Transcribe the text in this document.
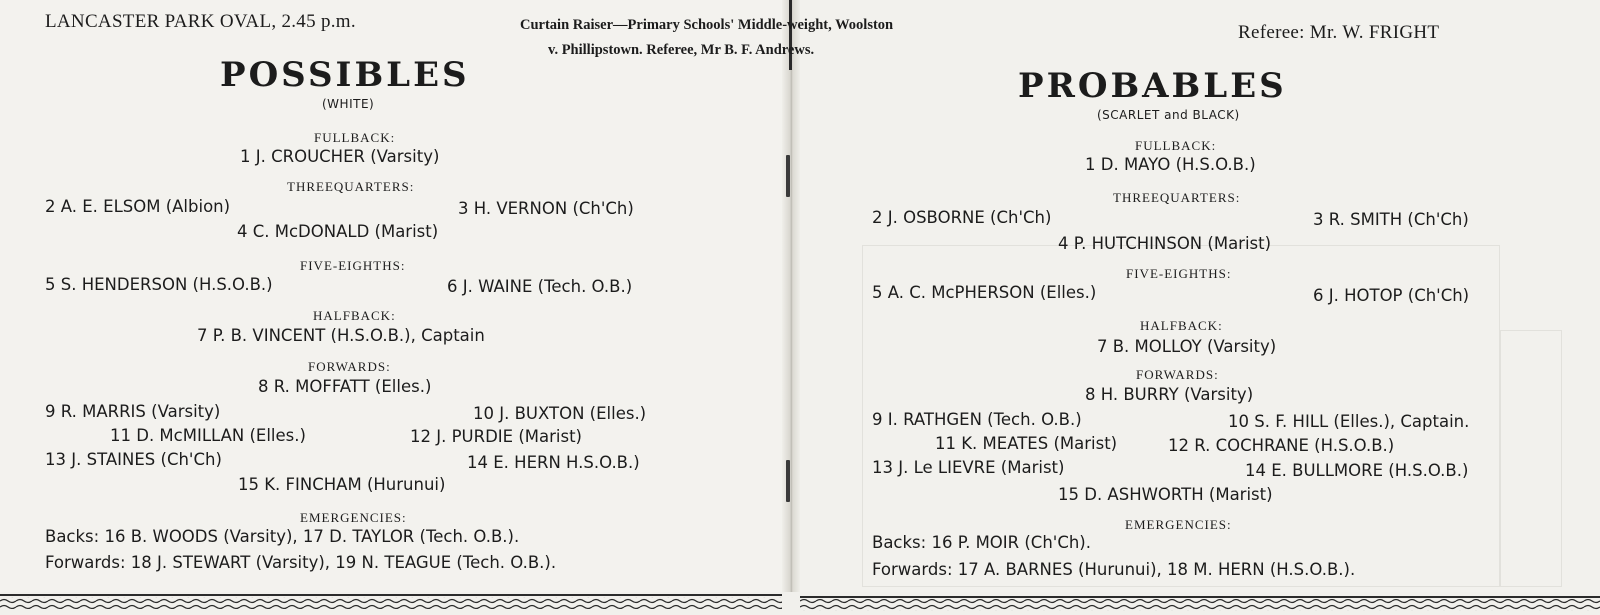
LANCASTER PARK OVAL, 2.45 p.m.	Curtain Raiser—Primary Schools' Middle-weight, Woolston
v. Phillipstown. Referee, Mr B. F. Andrews.
Referee: Mr. W. FRIGHT
POSSIBLES
(WHITE)
FULLBACK:
1 J. CROUCHER (Varsity)
THREEQUARTERS:
2 A. E. ELSOM (Albion)	3 H. VERNON (Ch'Ch)
4 C. McDONALD (Marist)
FIVE-EIGHTHS:
5 S. HENDERSON (H.S.O.B.)	6 J. WAINE (Tech. O.B.)
HALFBACK:
7 P. B. VINCENT (H.S.O.B.), Captain
FORWARDS:
8 R. MOFFATT (Elles.)
9 R. MARRIS (Varsity)	10 J. BUXTON (Elles.)
11 D. McMILLAN (Elles.)	12 J. PURDIE (Marist)
13 J. STAINES (Ch'Ch)	14 E. HERN H.S.O.B.)
15 K. FINCHAM (Hurunui)
EMERGENCIES:
Backs: 16 B. WOODS (Varsity), 17 D. TAYLOR (Tech. O.B.).
Forwards: 18 J. STEWART (Varsity), 19 N. TEAGUE (Tech. O.B.).
PROBABLES
(SCARLET and BLACK)
FULLBACK:
1 D. MAYO (H.S.O.B.)
THREEQUARTERS:
2 J. OSBORNE (Ch'Ch)	3 R. SMITH (Ch'Ch)
4 P. HUTCHINSON (Marist)
FIVE-EIGHTHS:
5 A. C. McPHERSON (Elles.)	6 J. HOTOP (Ch'Ch)
HALFBACK:
7 B. MOLLOY (Varsity)
FORWARDS:
8 H. BURRY (Varsity)
9 I. RATHGEN (Tech. O.B.)	10 S. F. HILL (Elles.), Captain.
11 K. MEATES (Marist)	12 R. COCHRANE (H.S.O.B.)
13 J. Le LIEVRE (Marist)	14 E. BULLMORE (H.S.O.B.)
15 D. ASHWORTH (Marist)
EMERGENCIES:
Backs: 16 P. MOIR (Ch'Ch).
Forwards: 17 A. BARNES (Hurunui), 18 M. HERN (H.S.O.B.).
